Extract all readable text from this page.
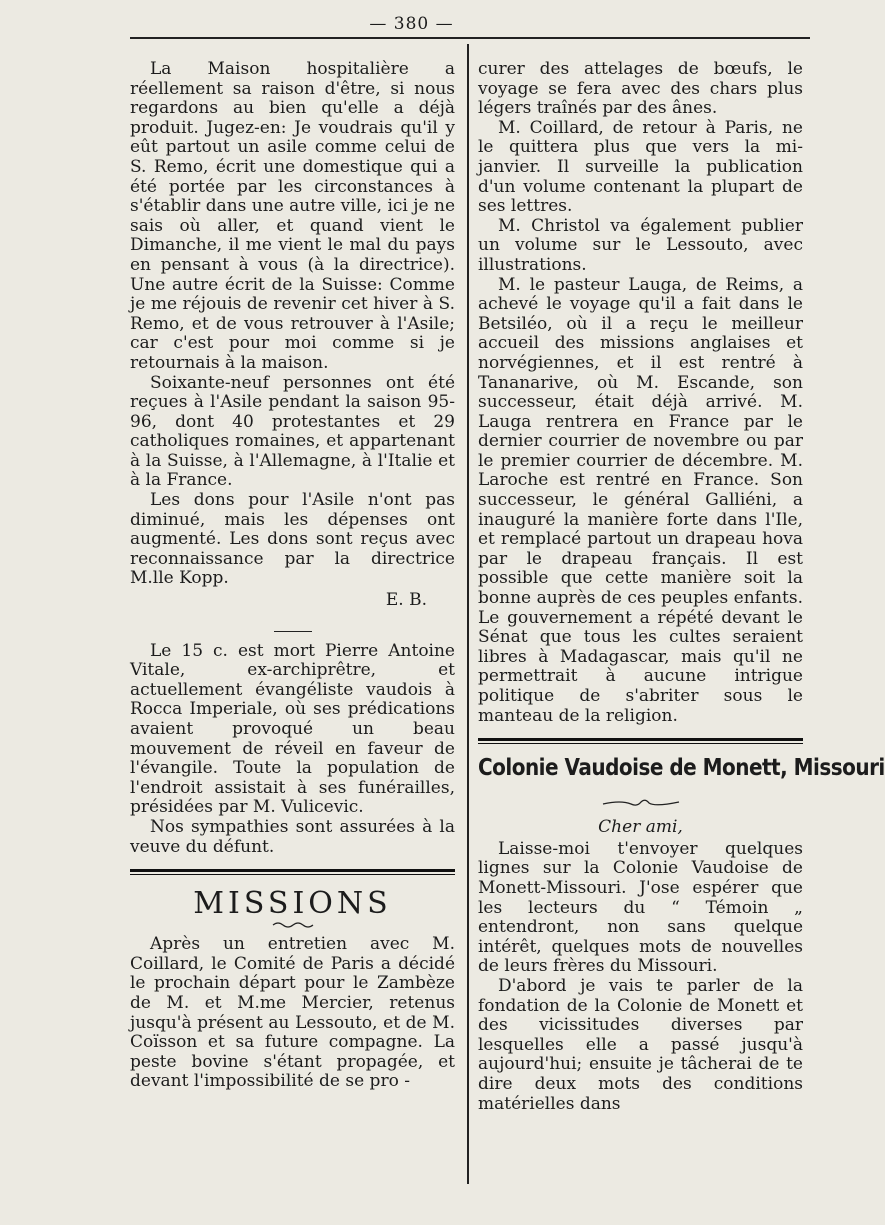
— 380 —

La Maison hospitalière a réellement sa raison d'être, si nous regardons au bien qu'elle a déjà produit. Jugez-en: Je voudrais qu'il y eût partout un asile comme celui de S. Remo, écrit une domestique qui a été portée par les circonstances à s'établir dans une autre ville, ici je ne sais où aller, et quand vient le Dimanche, il me vient le mal du pays en pensant à vous (à la directrice). Une autre écrit de la Suisse: Comme je me réjouis de revenir cet hiver à S. Remo, et de vous retrouver à l'Asile; car c'est pour moi comme si je retournais à la maison.

Soixante-neuf personnes ont été reçues à l'Asile pendant la saison 95-96, dont 40 protestantes et 29 catholiques romaines, et appartenant à la Suisse, à l'Allemagne, à l'Italie et à la France.

Les dons pour l'Asile n'ont pas diminué, mais les dépenses ont augmenté. Les dons sont reçus avec reconnaissance par la directrice M.lle Kopp.

E. B.

Le 15 c. est mort Pierre Antoine Vitale, ex-archiprêtre, et actuellement évangéliste vaudois à Rocca Imperiale, où ses prédications avaient provoqué un beau mouvement de réveil en faveur de l'évangile. Toute la population de l'endroit assistait à ses funérailles, présidées par M. Vulicevic.

Nos sympathies sont assurées à la veuve du défunt.

MISSIONS

Après un entretien avec M. Coillard, le Comité de Paris a décidé le prochain départ pour le Zambèze de M. et M.me Mercier, retenus jusqu'à présent au Lessouto, et de M. Coïsson et sa future compagne. La peste bovine s'étant propagée, et devant l'impossibilité de se pro -

curer des attelages de bœufs, le voyage se fera avec des chars plus légers traînés par des ânes.

M. Coillard, de retour à Paris, ne le quittera plus que vers la mi-janvier. Il surveille la publication d'un volume contenant la plupart de ses lettres.

M. Christol va également publier un volume sur le Lessouto, avec illustrations.

M. le pasteur Lauga, de Reims, a achevé le voyage qu'il a fait dans le Betsiléo, où il a reçu le meilleur accueil des missions anglaises et norvégiennes, et il est rentré à Tananarive, où M. Escande, son successeur, était déjà arrivé. M. Lauga rentrera en France par le dernier courrier de novembre ou par le premier courrier de décembre. M. Laroche est rentré en France. Son successeur, le général Galliéni, a inauguré la manière forte dans l'Ile, et remplacé partout un drapeau hova par le drapeau français. Il est possible que cette manière soit la bonne auprès de ces peuples enfants. Le gouvernement a répété devant le Sénat que tous les cultes seraient libres à Madagascar, mais qu'il ne permettrait à aucune intrigue politique de s'abriter sous le manteau de la religion.

Colonie Vaudoise de Monett, Missouri

Cher ami,

Laisse-moi t'envoyer quelques lignes sur la Colonie Vaudoise de Monett-Missouri. J'ose espérer que les lecteurs du “ Témoin „ entendront, non sans quelque intérêt, quelques mots de nouvelles de leurs frères du Missouri.

D'abord je vais te parler de la fondation de la Colonie de Monett et des vicissitudes diverses par lesquelles elle a passé jusqu'à aujourd'hui; ensuite je tâcherai de te dire deux mots des conditions matérielles dans
